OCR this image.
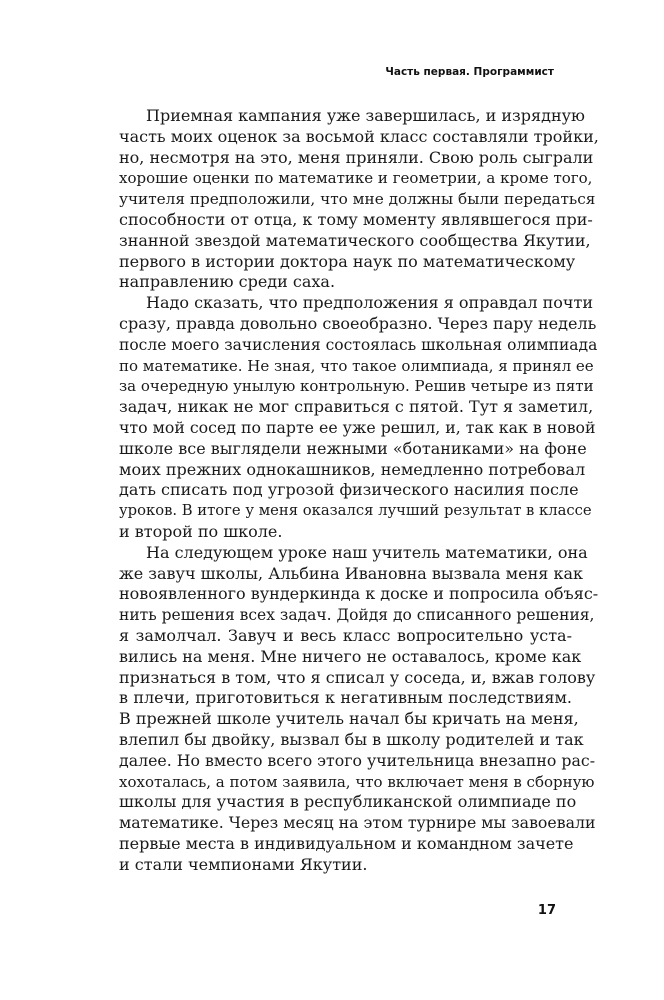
Часть первая. Программист
Приемная кампания уже завершилась, и изрядную
часть моих оценок за восьмой класс составляли тройки,
но, несмотря на это, меня приняли. Свою роль сыграли
хорошие оценки по математике и геометрии, а кроме того,
учителя предположили, что мне должны были передаться
способности от отца, к тому моменту являвшегося при-
знанной звездой математического сообщества Якутии,
первого в истории доктора наук по математическому
направлению среди саха.
Надо сказать, что предположения я оправдал почти
сразу, правда довольно своеобразно. Через пару недель
после моего зачисления состоялась школьная олимпиада
по математике. Не зная, что такое олимпиада, я принял ее
за очередную унылую контрольную. Решив четыре из пяти
задач, никак не мог справиться с пятой. Тут я заметил,
что мой сосед по парте ее уже решил, и, так как в новой
школе все выглядели нежными «ботаниками» на фоне
моих прежних однокашников, немедленно потребовал
дать списать под угрозой физического насилия после
уроков. В итоге у меня оказался лучший результат в классе
и второй по школе.
На следующем уроке наш учитель математики, она
же завуч школы, Альбина Ивановна вызвала меня как
новоявленного вундеркинда к доске и попросила объяс-
нить решения всех задач. Дойдя до списанного решения,
я замолчал. Завуч и весь класс вопросительно уста-
вились на меня. Мне ничего не оставалось, кроме как
признаться в том, что я списал у соседа, и, вжав голову
в плечи, приготовиться к негативным последствиям.
В прежней школе учитель начал бы кричать на меня,
влепил бы двойку, вызвал бы в школу родителей и так
далее. Но вместо всего этого учительница внезапно рас-
хохоталась, а потом заявила, что включает меня в сборную
школы для участия в республиканской олимпиаде по
математике. Через месяц на этом турнире мы завоевали
первые места в индивидуальном и командном зачете
и стали чемпионами Якутии.
17
